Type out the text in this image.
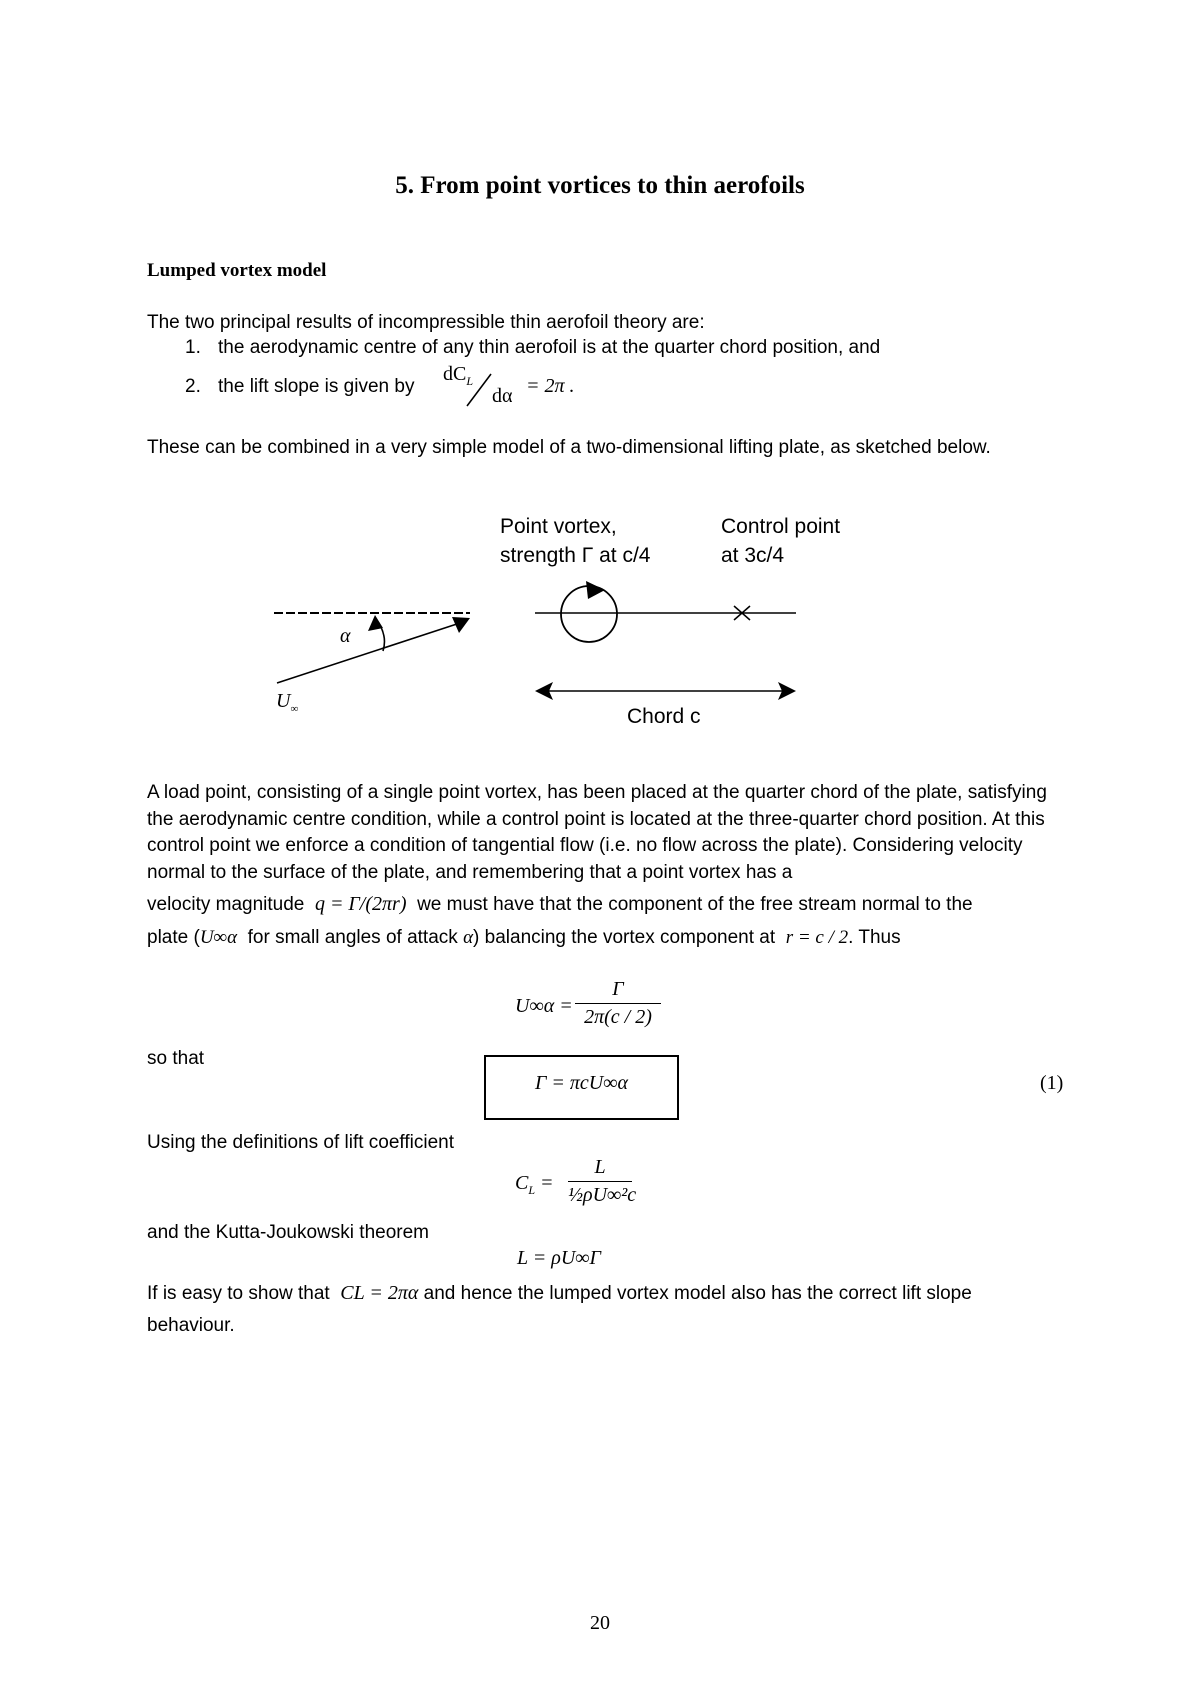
5. From point vortices to thin aerofoils
Lumped vortex model
The two principal results of incompressible thin aerofoil theory are:
1. the aerodynamic centre of any thin aerofoil is at the quarter chord position, and
2. the lift slope is given by
$dC_L$
dα = 2π .
These can be combined in a very simple model of a two-dimensional lifting plate, as sketched below.
Point vortex,
strength Γ at c/4
Control point
at 3c/4
α
$U_\infty$	Chord c
A load point, consisting of a single point vortex, has been placed at the quarter chord of the plate, satisfying the aerodynamic centre condition, while a control point is located at the three-quarter chord position. At this control point we enforce a condition of tangential flow (i.e. no flow across the plate). Considering velocity normal to the surface of the plate, and remembering that a point vortex has a
velocity magnitude q = Γ/(2πr) we must have that the component of the free stream normal to the
plate (U∞α for small angles of attack α) balancing the vortex component at r = c / 2. Thus
$U\infty\alpha = \frac{\Gamma}{2\pi(c / 2)}$
so that
Γ = πcU∞α	(1)
Using the definitions of lift coefficient
$C_L = \frac{L}{\text{½ρU∞²c}}$
and the Kutta-Joukowski theorem
L = ρU∞Γ
If is easy to show that CL = 2πα and hence the lumped vortex model also has the correct lift slope
behaviour.
20
